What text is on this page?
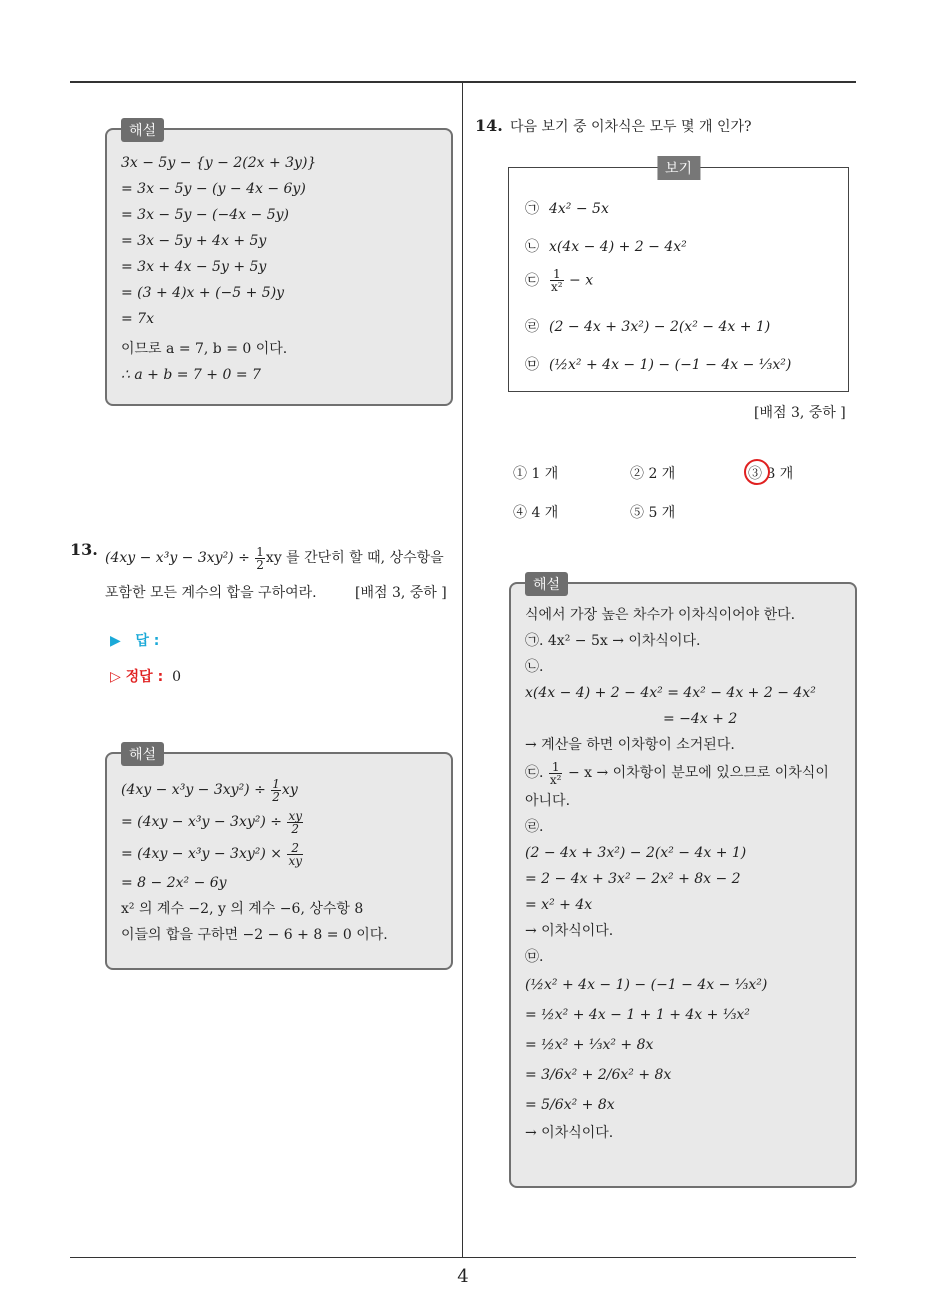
해설
3x − 5y − {y − 2(2x + 3y)}
= 3x − 5y − (y − 4x − 6y)
= 3x − 5y − (−4x − 5y)
= 3x − 5y + 4x + 5y
= 3x + 4x − 5y + 5y
= (3 + 4)x + (−5 + 5)y
= 7x
이므로 a = 7, b = 0 이다.
∴ a + b = 7 + 0 = 7
13. $(4xy - x^3y - 3xy^2) \div \frac{1}{2}$ xy 를 간단히 할 때, 상수항을
포함한 모든 계수의 합을 구하여라.	[배점 3, 중하 ]
▶ 답 :
▷ 정답 : 0
해설
$(4xy - x^3y - 3xy^2) \div \frac{1}{2}$ xy
= $(4xy - x^3y - 3xy^2) \div \frac{xy}{2}$
= $(4xy - x^3y - 3xy^2) \times \frac{2}{xy}$
= 8 − 2x² − 6y
x² 의 계수 −2, y 의 계수 −6, 상수항 8
이들의 합을 구하면 −2 − 6 + 8 = 0 이다.
14. 다음 보기 중 이차식은 모두 몇 개 인가?
보기
㉠ 4x² − 5x
㉡ x(4x − 4) + 2 − 4x²
㉢ $\frac{1}{\text{x²}} - x$
㉣ (2 − 4x + 3x²) − 2(x² − 4x + 1)
㉤ (½x² + 4x − 1) − (−1 − 4x − ⅓x²)
[배점 3, 중하 ]
① 1 개	② 2 개	③ 3 개
④ 4 개	⑤ 5 개
해설
식에서 가장 높은 차수가 이차식이어야 한다.
㉠. 4x² − 5x → 이차식이다.
㉡.
x(4x − 4) + 2 − 4x² = 4x² − 4x + 2 − 4x²
= −4x + 2
→ 계산을 하면 이차항이 소거된다.
㉢. $\frac{1}{\text{x²}} - x$ → 이차항이 분모에 있으므로 이차식이
아니다.
㉣.
(2 − 4x + 3x²) − 2(x² − 4x + 1)
= 2 − 4x + 3x² − 2x² + 8x − 2
= x² + 4x
→ 이차식이다.
㉤.
(½x² + 4x − 1) − (−1 − 4x − ⅓x²)
= ½x² + 4x − 1 + 1 + 4x + ⅓x²
= ½x² + ⅓x² + 8x
= 3/6x² + 2/6x² + 8x
= 5/6x² + 8x
→ 이차식이다.
4
